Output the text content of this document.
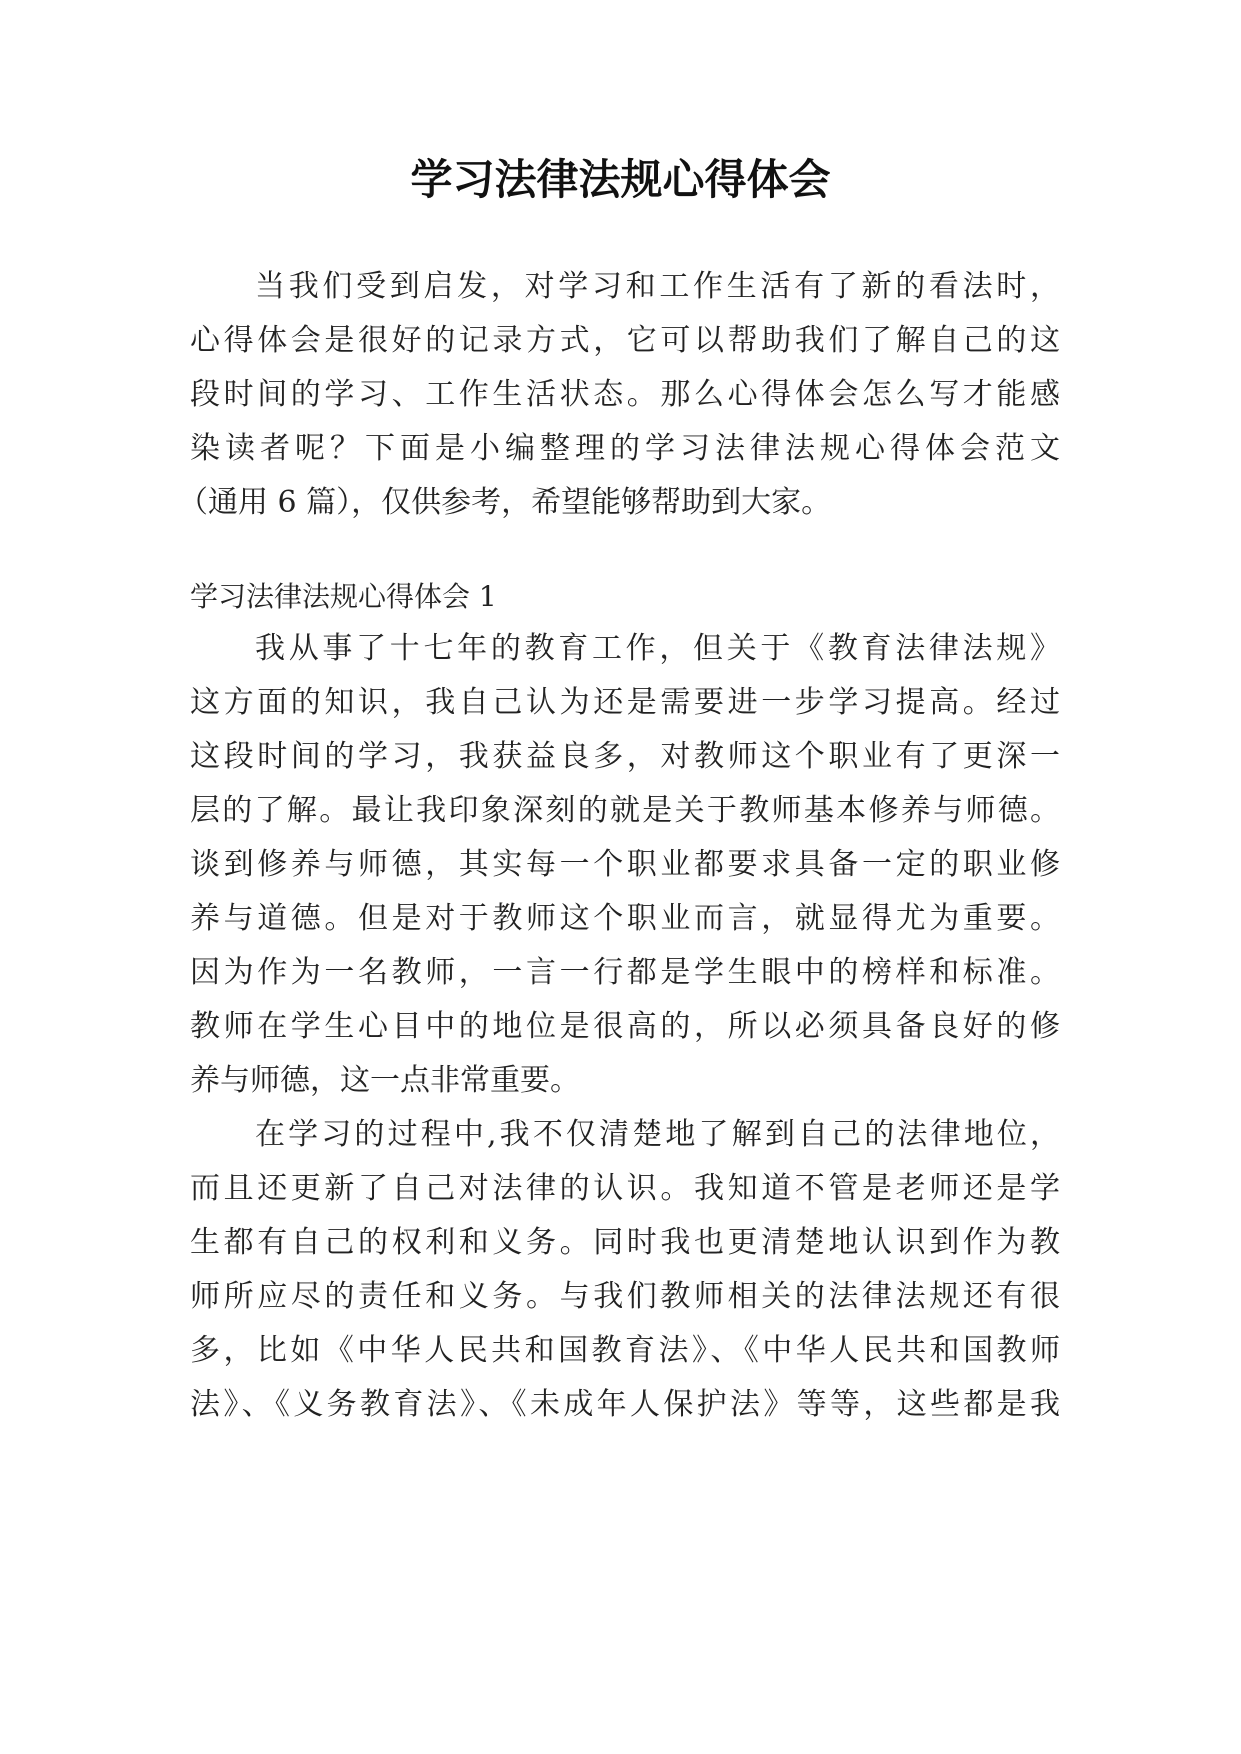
学习法律法规心得体会

当我们受到启发，对学习和工作生活有了新的看法时，

心得体会是很好的记录方式，它可以帮助我们了解自己的这

段时间的学习、工作生活状态。那么心得体会怎么写才能感

染读者呢？下面是小编整理的学习法律法规心得体会范文

（通用 6 篇），仅供参考，希望能够帮助到大家。

学习法律法规心得体会 1

我从事了十七年的教育工作，但关于《教育法律法规》

这方面的知识，我自己认为还是需要进一步学习提高。经过

这段时间的学习，我获益良多，对教师这个职业有了更深一

层的了解。最让我印象深刻的就是关于教师基本修养与师德。

谈到修养与师德，其实每一个职业都要求具备一定的职业修

养与道德。但是对于教师这个职业而言，就显得尤为重要。

因为作为一名教师，一言一行都是学生眼中的榜样和标准。

教师在学生心目中的地位是很高的，所以必须具备良好的修

养与师德，这一点非常重要。

在学习的过程中,我不仅清楚地了解到自己的法律地位，

而且还更新了自己对法律的认识。我知道不管是老师还是学

生都有自己的权利和义务。同时我也更清楚地认识到作为教

师所应尽的责任和义务。与我们教师相关的法律法规还有很

多，比如《中华人民共和国教育法》、《中华人民共和国教师

法》、《义务教育法》、《未成年人保护法》等等，这些都是我
